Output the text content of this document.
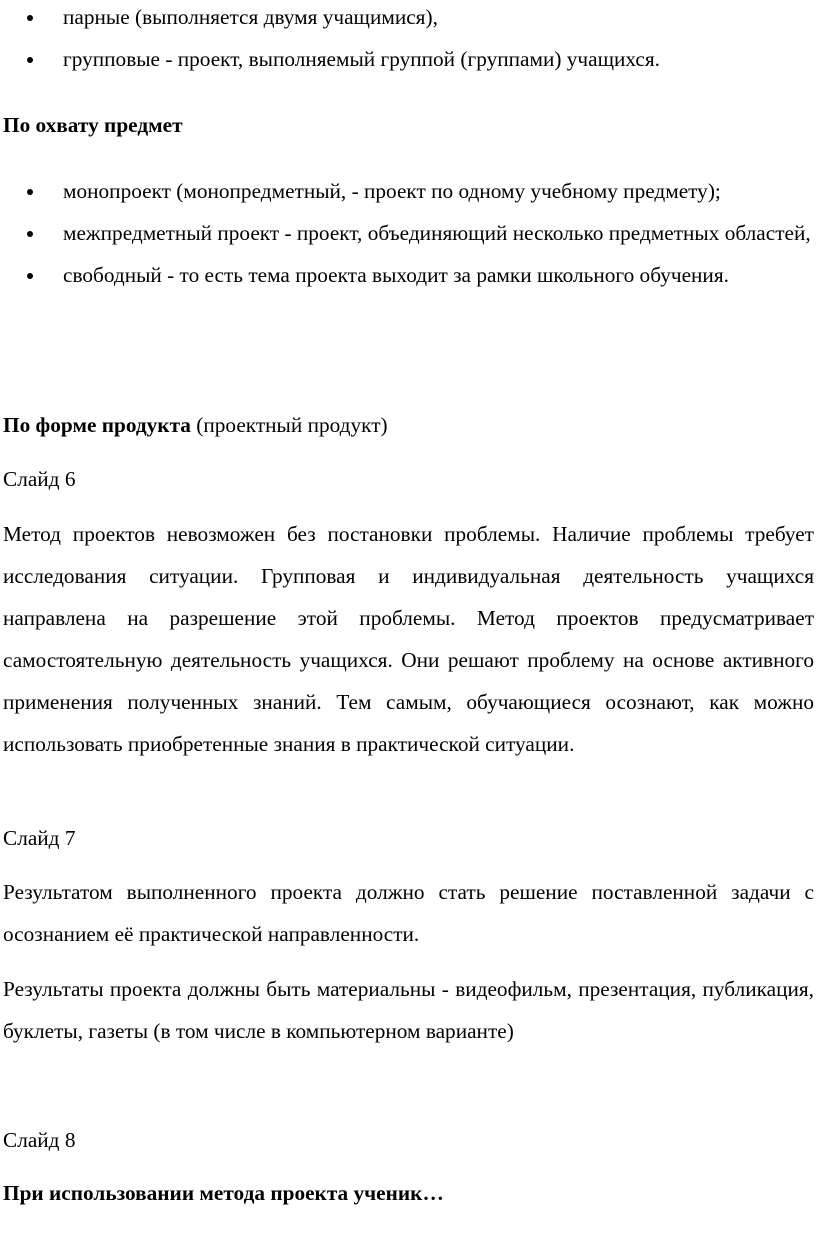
парные (выполняется двумя учащимися),
групповые - проект, выполняемый группой (группами) учащихся.
По охвату предмет
монопроект (монопредметный, - проект по одному учебному предмету);
межпредметный проект - проект, объединяющий несколько предметных областей,
свободный - то есть тема проекта выходит за рамки школьного обучения.
По форме продукта (проектный продукт)
Слайд 6
Метод проектов невозможен без постановки проблемы. Наличие проблемы требует исследования ситуации. Групповая и индивидуальная деятельность учащихся направлена на разрешение этой проблемы. Метод проектов предусматривает самостоятельную деятельность учащихся. Они решают проблему на основе активного применения полученных знаний. Тем самым, обучающиеся осознают, как можно использовать приобретенные знания в практической ситуации.
Слайд 7
Результатом выполненного проекта должно стать решение поставленной задачи с осознанием её практической направленности.
Результаты проекта должны быть материальны - видеофильм, презентация, публикация, буклеты, газеты (в том числе в компьютерном варианте)
Слайд 8
При использовании метода проекта ученик…
